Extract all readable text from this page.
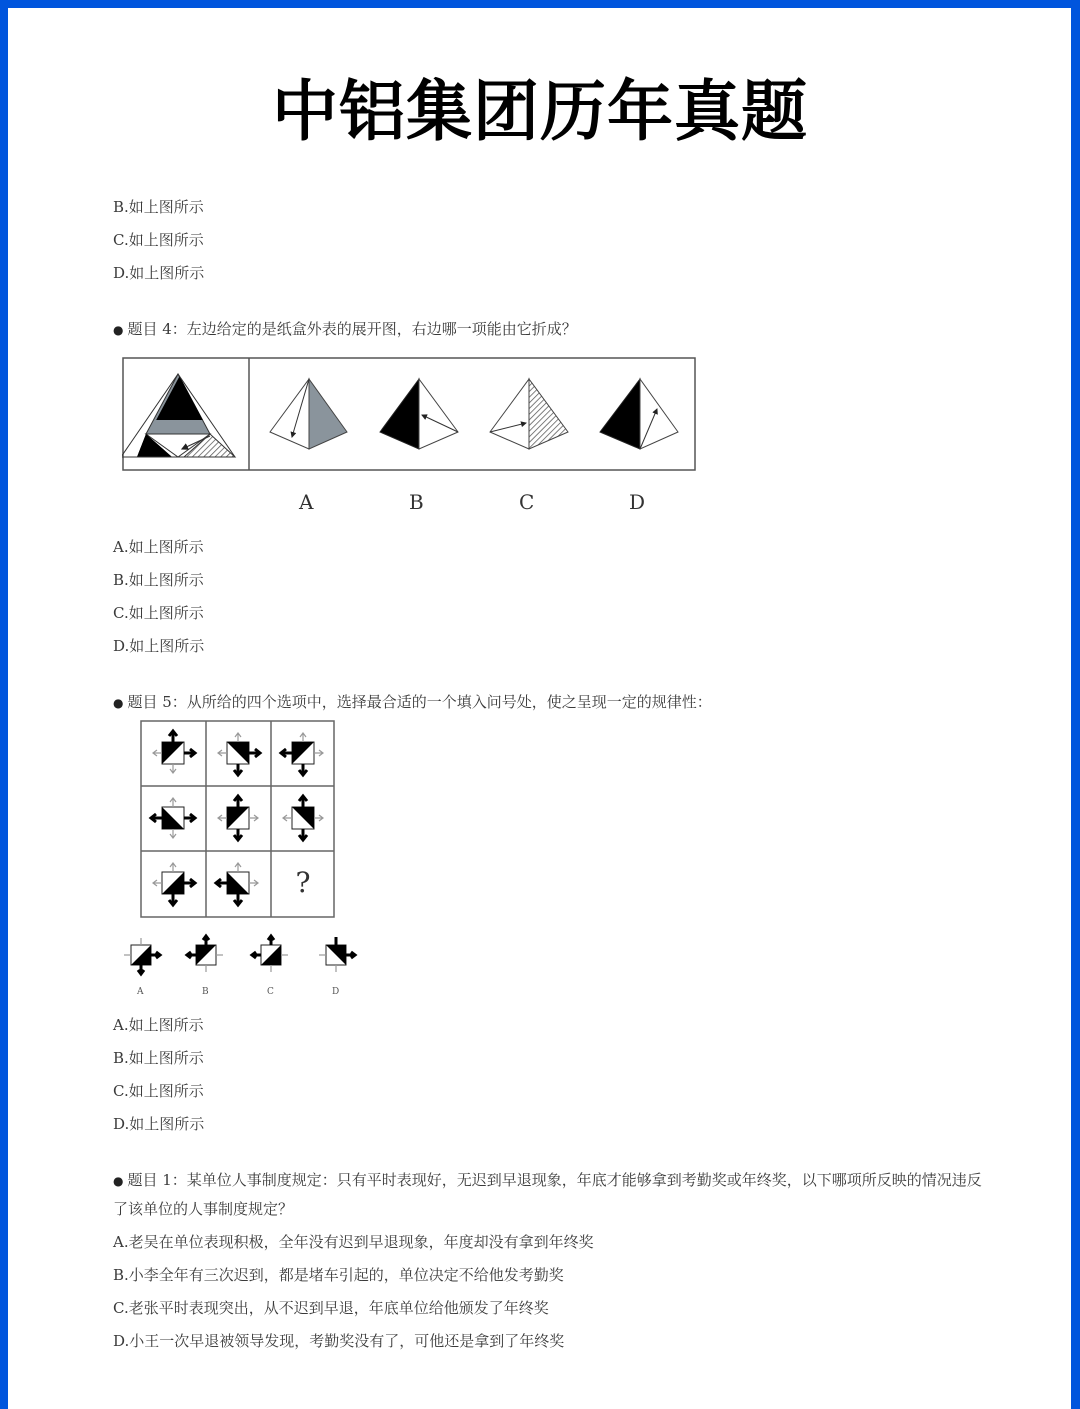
中铝集团历年真题
B.如上图所示
C.如上图所示
D.如上图所示
● 题目 4：左边给定的是纸盒外表的展开图，右边哪一项能由它折成？
A	B	C	D
A.如上图所示
B.如上图所示
C.如上图所示
D.如上图所示
● 题目 5：从所给的四个选项中，选择最合适的一个填入问号处，使之呈现一定的规律性：
?
A	B	C	D
A.如上图所示
B.如上图所示
C.如上图所示
D.如上图所示
● 题目 1：某单位人事制度规定：只有平时表现好，无迟到早退现象，年底才能够拿到考勤奖或年终奖，以下哪项所反映的情况违反了该单位的人事制度规定？
A.老吴在单位表现积极，全年没有迟到早退现象，年度却没有拿到年终奖
B.小李全年有三次迟到，都是堵车引起的，单位决定不给他发考勤奖
C.老张平时表现突出，从不迟到早退，年底单位给他颁发了年终奖
D.小王一次早退被领导发现，考勤奖没有了，可他还是拿到了年终奖
